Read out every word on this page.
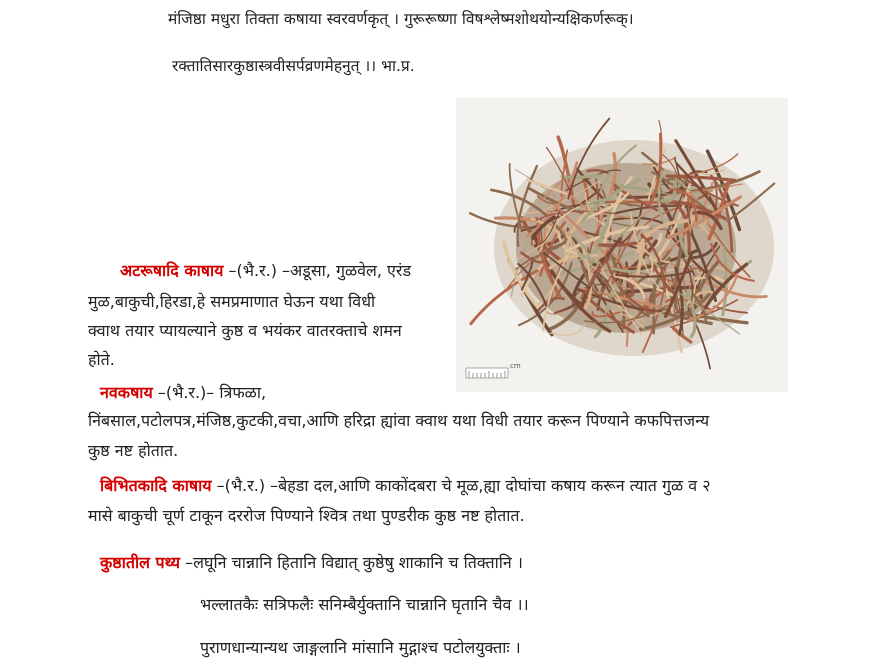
मंजिष्ठा मधुरा तिक्ता कषाया स्वरवर्णकृत् । गुरूरूष्णा विषश्लेष्मशोथयोन्यक्षिकर्णरूक्।
रक्तातिसारकुष्ठास्त्रवीसर्पव्रणमेहनुत् ।। भा.प्र.
cm
अटरूषादि काषाय –(भै.र.) –अडूसा, गुळवेल, एरंड
मुळ,बाकुची,हिरडा,हे समप्रमाणात घेऊन यथा विधी
क्वाथ तयार प्यायल्याने कुष्ठ व भयंकर वातरक्ताचे शमन
होते.
नवकषाय –(भै.र.)– त्रिफळा,
निंबसाल,पटोलपत्र,मंजिष्ठ,कुटकी,वचा,आणि हरिद्रा ह्यांवा क्वाथ यथा विधी तयार करून पिण्याने कफपित्तजन्य
कुष्ठ नष्ट होतात.
बिभितकादि काषाय –(भै.र.) –बेहडा दल,आणि काकोंदबरा चे मूळ,ह्या दोघांचा कषाय करून त्यात गुळ व २
मासे बाकुची चूर्ण टाकून दररोज पिण्याने श्वित्र तथा पुण्डरीक कुष्ठ नष्ट होतात.
कुष्ठातील पथ्य –लघूनि चान्नानि हितानि विद्यात् कुष्ठेषु शाकानि च तिक्तानि ।
भल्लातकैः सत्रिफलैः सनिम्बैर्युक्तानि चान्नानि घृतानि चैव ।।
पुराणधान्यान्यथ जाङ्गलानि मांसानि मुद्गाश्च पटोलयुक्ताः ।
